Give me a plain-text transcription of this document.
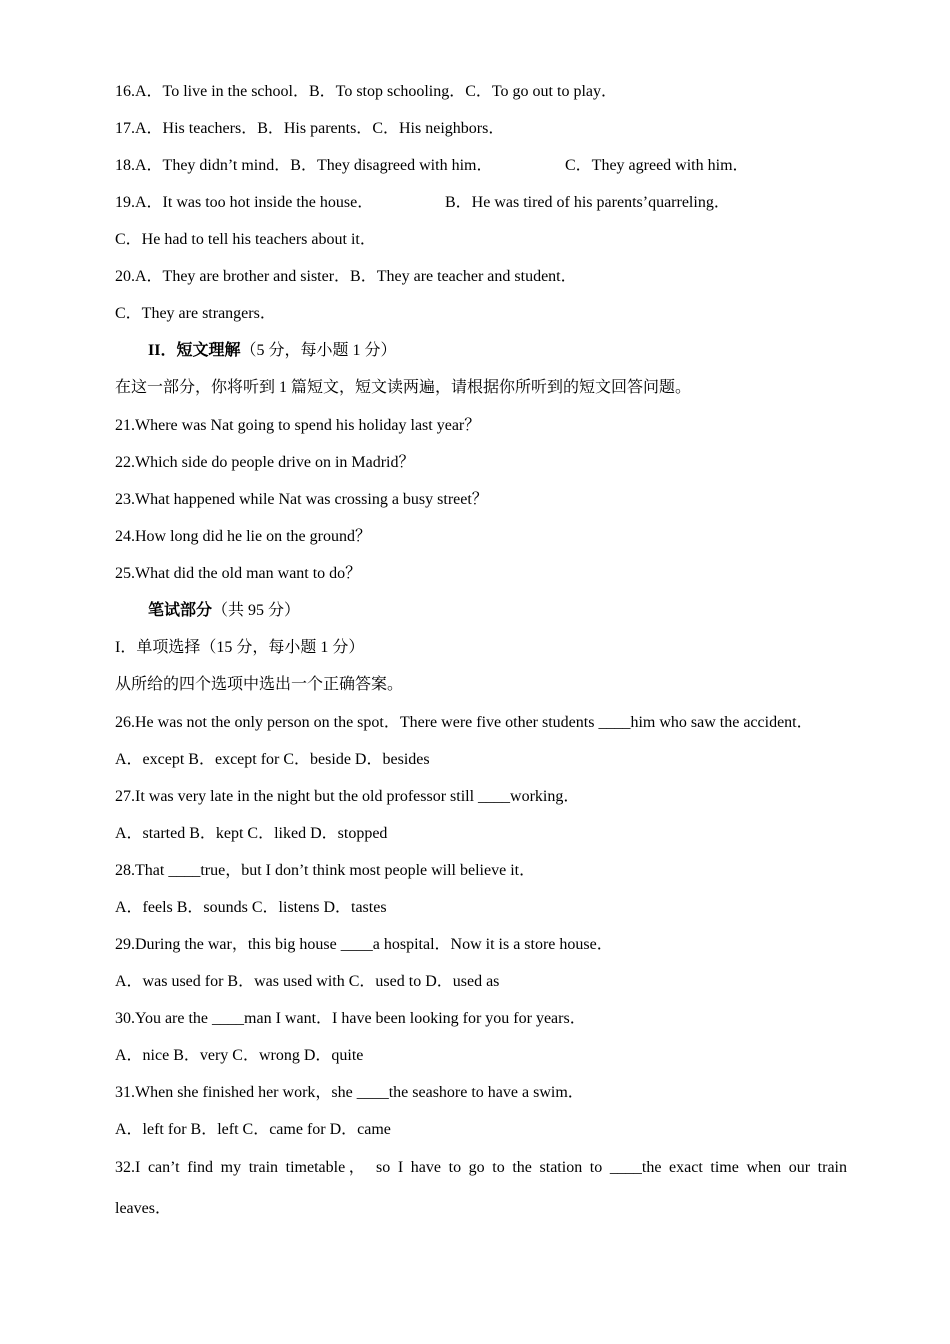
16.A．To live in the school．B．To stop schooling．C．To go out to play．
17.A．His teachers．B．His parents．C．His neighbors．
18.A．They didn’t mind．B．They disagreed with him．	C．They agreed with him．
19.A．It was too hot inside the house．	B．He was tired of his parents’quarreling．
C．He had to tell his teachers about it．
20.A．They are brother and sister．B．They are teacher and student．
C．They are strangers．
II．短文理解（5 分，每小题 1 分）
在这一部分，你将听到 1 篇短文，短文读两遍，请根据你所听到的短文回答问题。
21.Where was Nat going to spend his holiday last year？
22.Which side do people drive on in Madrid？
23.What happened while Nat was crossing a busy street？
24.How long did he lie on the ground？
25.What did the old man want to do？
笔试部分（共 95 分）
I．单项选择（15 分，每小题 1 分）
从所给的四个选项中选出一个正确答案。
26.He was not the only person on the spot．There were five other students ____him who saw the accident．
A．except B．except for C．beside D．besides
27.It was very late in the night but the old professor still ____working．
A．started B．kept C．liked D．stopped
28.That ____true，but I don’t think most people will believe it．
A．feels B．sounds C．listens D．tastes
29.During the war，this big house ____a hospital．Now it is a store house．
A．was used for B．was used with C．used to D．used as
30.You are the ____man I want．I have been looking for you for years．
A．nice B．very C．wrong D．quite
31.When she finished her work，she ____the seashore to have a swim．
A．left for B．left C．came for D．came
32.I can’t find my train timetable， so I have to go to the station to ____the exact time when our train
leaves．
